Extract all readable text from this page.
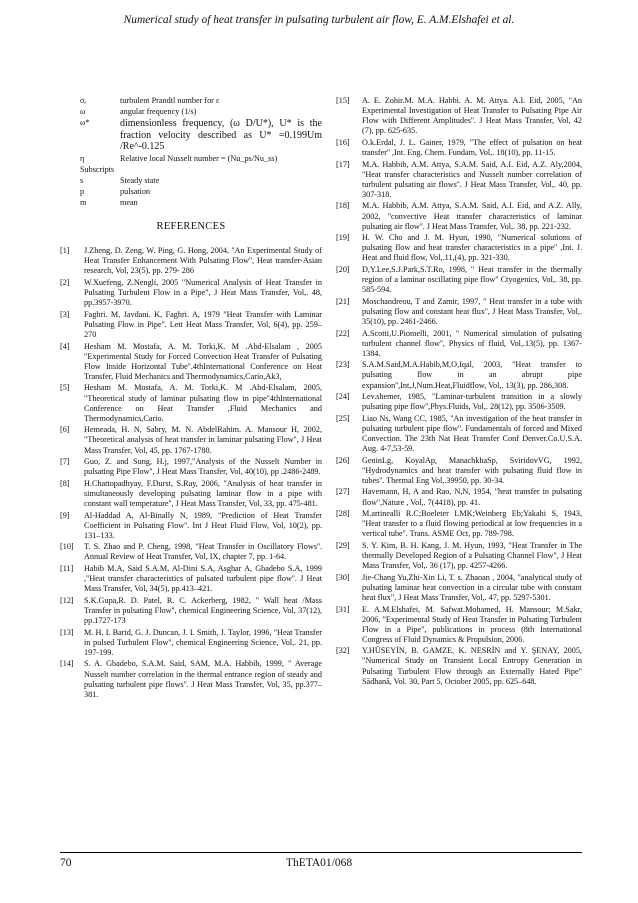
Numerical study of heat transfer in pulsating turbulent air flow, E. A.M.Elshafei et al.
σₑ	turbulent Prandtl number for ε
ω	angular frequency (1/s)
ω*	dimensionless frequency, (ω D/U*), U* is the fraction velocity described as U* =0.199Um /Re^-0.125
η	Relative local Nusselt number = (Nu_ps/Nu_ss)
Subscripts
s	Steady state
p	pulsation
m	mean
REFERENCES
[1]	J.Zheng, D. Zeng, W. Ping, G. Hong, 2004, ''An Experimental Study of Heat Transfer Enhancement With Pulsating Flow'', Heat transfer-Asian research, Vol, 23(5), pp. 279- 286
[2]	W.Xuefeng, Z.Nengli, 2005 "Numerical Analysis of Heat Transfer in Pulsating Turbulent Flow in a Pipe", J Heat Mass Transfer, Vol,. 48, pp.3957-3970.
[3]	Faghri. M, Javdani. K, Faghri. A, 1979 "Heat Transfer with Laminar Pulsating Flow in Pipe''. Lett Heat Mass Transfer, Vol, 6(4), pp. 259–270
[4]	Hesham M. Mostafa, A. M. Torki,K. M .Abd-Elsalam , 2005 "Experimental Study for Forced Convection Heat Transfer of Pulsating Flow Inside Horizontal Tube''.4thInternational Conference on Heat Transfer, Fluid Mechanics and Thermodynamics,Cario,Ak3,
[5]	Hesham M. Mostafa, A. M. Torki,K. M .Abd-Elsalam, 2005, "Theoretical study of laminar pulsating flow in pipe''4thInternational Conference on Heat Transfer ,Fluid Mechanics and Thermodynamics,Cario.
[6]	Hemeada, H. N, Sabry, M. N. AbdelRahim. A. Mansour H, 2002, "Theoretical analysis of heat transfer in laminar pulsating Flow'', J Heat Mass Transfer, Vol, 45, pp. 1767-1780.
[7]	Guo, Z. and Sung, H.j, 1997,"Analysis of the Nusselt Number in pulsating Pipe Flow'', J Heat Mass Transfer, Vol, 40(10), pp .2486-2489.
[8]	H.Chattopadhyay, F.Durst, S.Ray, 2006, "Analysis of heat transfer in simultaneously developing pulsating laminar flow in a pipe with constant wall temperature'', J Heat Mass Transfer, Vol, 33, pp. 475-481.
[9]	Al-Haddad A, Al-Binally N, 1989, "Prediction of Heat Transfer Coefficient in Pulsating Flow''. Int J Heat Fluid Flow, Vol, 10(2), pp. 131–133.
[10]	T. S. Zhao and P. Cheng, 1998, "Heat Transfer in Oscillatory Flows''. Annual Review of Heat Transfer, Vol, IX, chapter 7, pp. 1-64.
[11]	Habib M.A, Said S.A.M, Al-Dini S.A, Asghar A, Gbadebo S.A, 1999 ,"Heat transfer characteristics of pulsated turbulent pipe flow''. J Heat Mass Transfer, Vol, 34(5), pp.413–421.
[12]	S.K.Gupa,R. D. Patel, R. C. Ackerberg, 1982, " Wall heat /Mass Transfer in pulsating Flow'', chemical Engineering Science, Vol, 37(12), pp.1727-173
[13]	M. H. I. Barid, G. J. Duncan, J. I. Smith, J. Taylor, 1996, "Heat Transfer in pulsed Turbulent Flow'', chemical Engineering Science, Vol,. 21, pp. 197-199.
[14]	S. A. Gbadebo, S.A.M. Said, SAM, M.A. Habbib, 1999, " Average Nusselt number correlation in the thermal entrance region of steady and pulsating turbulent pipe flows''. J Heat Mass Transfer, Vol, 35, pp.377–381.
[15]	A. E. Zohir.M. M.A. Habbi. A. M. Attya. A.I. Eid, 2005, "An Experimental Investigation of Heat Transfer to Pulsating Pipe Air Flow with Different Amplitudes''. J Heat Mass Transfer, Vol, 42 (7), pp. 625-635.
[16]	O.k.Erdal, J. L. Gainer, 1979, "The effect of pulsation on heat transfer'' ,Int. Eng. Chem. Fundam, Vol,. 18(10), pp. 11-15.
[17]	M.A. Habbib, A.M. Attya, S.A.M. Said, A.I. Eid, A.Z. Aly,2004, "Heat transfer characteristics and Nusselt number correlation of turbulent pulsating air flows''. J Heat Mass Transfer, Vol,. 40, pp. 307-318.
[18]	M.A. Habbib, A.M. Attya, S.A.M. Said, A.I. Eid, and A.Z. Ally, 2002, "convective Heat transfer characteristics of laminar pulsating air flow''. J Heat Mass Transfer, Vol,. 38, pp. 221-232.
[19]	H. W. Cho and J. M. Hyun, 1990, "Numerical solutions of pulsating flow and heat transfer characteristics in a pipe'' ,Int. J. Heat and fluid flow, Vol,.11,(4), pp. 321-330.
[20]	D,Y.Lee,S.J.Park,S.T.Ro, 1998, " Heat transfer in the thermally region of a laminar oscillating pipe flow'' Ctyogenics, Vol,. 38, pp. 585-594.
[21]	Moschandreou, T and Zamir, 1997, " Heat transfer in a tube with pulsating flow and constant heat flux'', J Heat Mass Transfer, Vol,. 35(10), pp. 2461-2466.
[22]	A.Scotti,U.Piomelli, 2001, " Numerical simulation of pulsating turbulent channel flow'', Physics of fluid, Vol,.13(5), pp. 1367-1384.
[23]	S.A.M.Said,M.A.Habib,M,O,Iqal, 2003, "Heat transfer to pulsating flow in an abrupt pipe expansion'',Int,J,Num.Heat,Fluidflow, Vol,. 13(3), pp. 286,308.
[24]	Lev.shemer, 1985, "Laminar-turbulent transition in a slowly pulsating pipe flow'',Phys.Fluids, Vol,. 28(12), pp. 3506-3509.
[25]	Liao Ns, Wang CC, 1985, "An investigation of the heat transfer in pulsating turbulent pipe flow''. Fundamentals of forced and Mixed Convection. The 23th Nat Heat Transfer Conf Denver.Co.U.S.A. Aug. 4-7,53-59.
[26]	GeninLg, KoyalAp, ManachkhaSp, SviridovVG, 1992, "Hydrodynamics and heat transfer with pulsating fluid flow in tubes''. Thermal Eng Vol,.39950, pp. 30-34.
[27]	Havemann, H, A and Rao, N,N, 1954, "heat transfer in pulsating flow'',Nature , Vol,. 7(4418), pp. 41.
[28]	M.artinealli R.C;Boeleter LMK;Weinberg Eb;Yakahi S, 1943, "Heat transfer to a fluid flowing periodical at low frequencies in a vertical tube''. Trans. ASME Oct, pp. 789-798.
[29]	S. Y. Kim, B. H. Kang, J. M. Hyun, 1993, "Heat Transfer in The thermally Developed Region of a Pulsating Channel Flow", J Heat Mass Transfer, Vol,. 36 (17), pp. 4257-4266.
[30]	Jie-Chang Yu,Zhi-Xin Li, T. s. Zhaoan , 2004, "analytical study of pulsating laminar heat convection in a circular tube with constant heat flux", J Heat Mass Transfer, Vol,. 47, pp. 5297-5301.
[31]	E. A.M.Elshafei, M. Safwat.Mohamed, H. Mansour; M.Sakr, 2006, "Experimental Study of Heat Transfer in Pulsating Turbulent Flow in a Pipe", publications in process (8th International Congress of Fluid Dynamics & Propulsion, 2006.
[32]	Y.HÜSEYİN, B. GAMZE, K. NESRİN and Y. ŞENAY, 2005, "Numerical Study on Transient Local Entropy Generation in Pulsating Turbulent Flow through an Externally Hated Pipe" Sădhană, Vol. 30, Part 5, October 2005, pp. 625–648.
70	ThETA01/068
